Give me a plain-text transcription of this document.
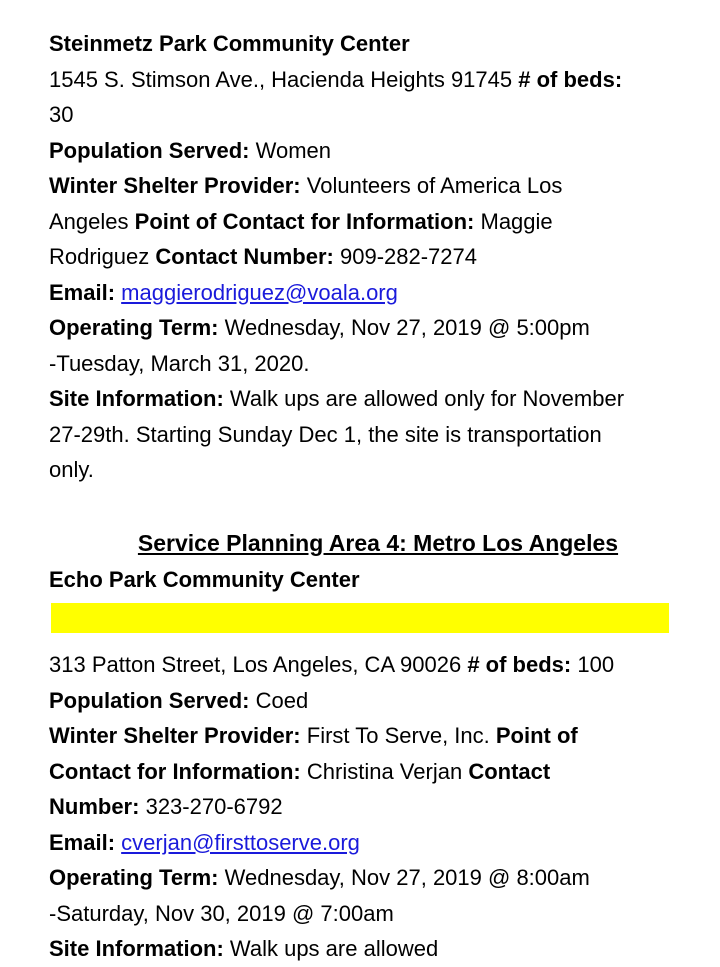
Steinmetz Park Community Center
1545 S. Stimson Ave., Hacienda Heights 91745 # of beds:
30
Population Served: Women
Winter Shelter Provider: Volunteers of America Los
Angeles Point of Contact for Information: Maggie
Rodriguez Contact Number: 909-282-7274
Email: maggierodriguez@voala.org
Operating Term: Wednesday, Nov 27, 2019 @ 5:00pm
-Tuesday, March 31, 2020.
Site Information: Walk ups are allowed only for November
27-29th. Starting Sunday Dec 1, the site is transportation
only.
Service Planning Area 4: Metro Los Angeles
Echo Park Community Center
313 Patton Street, Los Angeles, CA 90026 # of beds: 100
Population Served: Coed
Winter Shelter Provider: First To Serve, Inc. Point of
Contact for Information: Christina Verjan Contact
Number: 323-270-6792
Email: cverjan@firsttoserve.org
Operating Term: Wednesday, Nov 27, 2019 @ 8:00am
-Saturday, Nov 30, 2019 @ 7:00am
Site Information: Walk ups are allowed
